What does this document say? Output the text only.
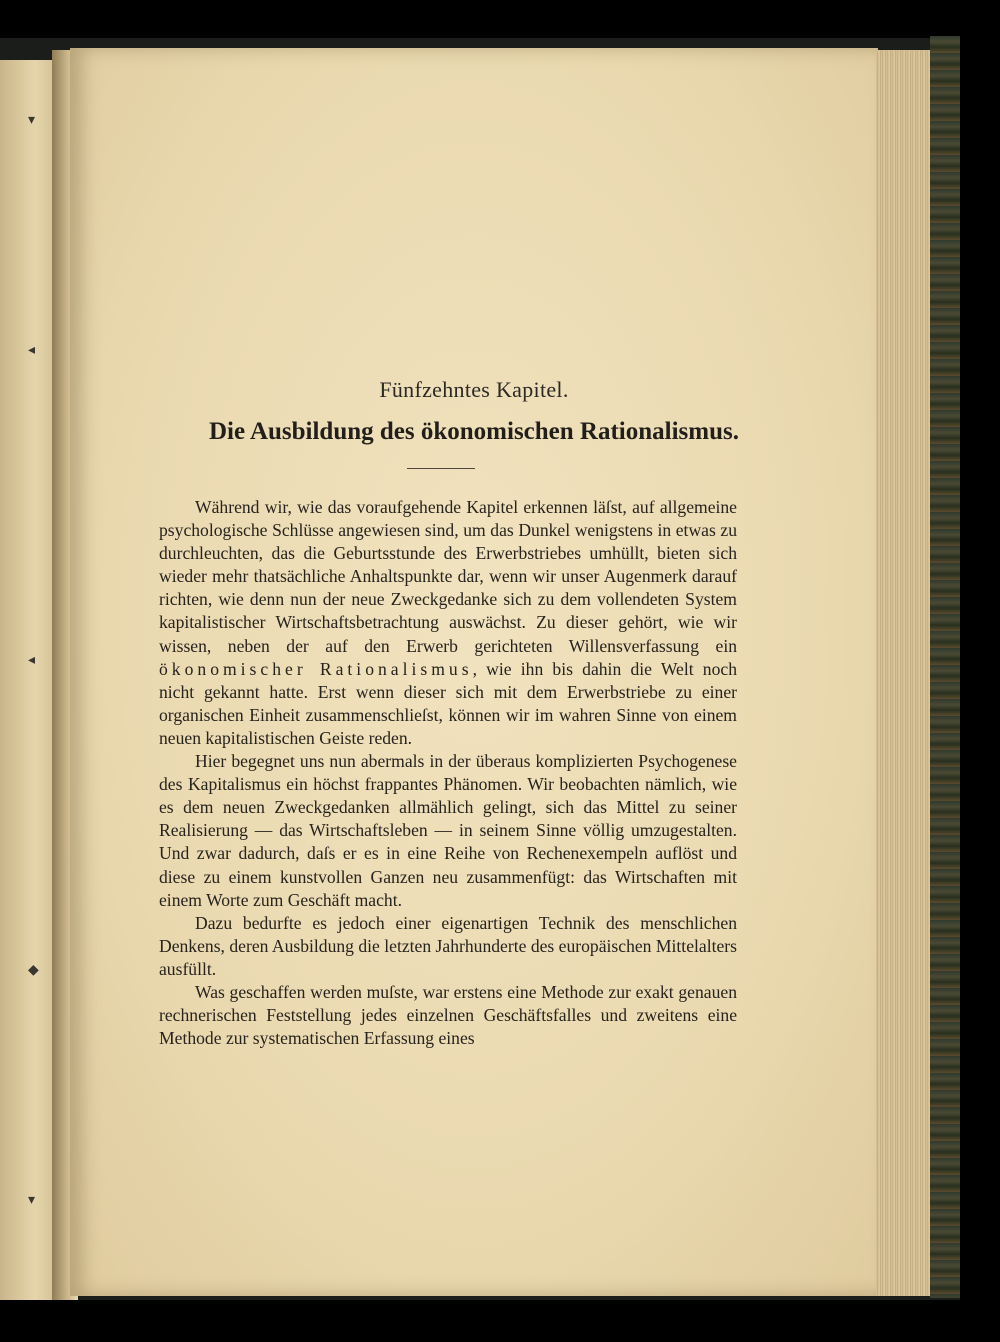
▾
◂
◂
◆
▾
Fünfzehntes Kapitel.
Die Ausbildung des ökonomischen Rationalismus.

Während wir, wie das voraufgehende Kapitel erkennen läſst, auf allgemeine psychologische Schlüsse angewiesen sind, um das Dunkel wenigstens in etwas zu durchleuchten, das die Geburtsstunde des Erwerbstriebes umhüllt, bieten sich wieder mehr thatsächliche Anhaltspunkte dar, wenn wir unser Augenmerk darauf richten, wie denn nun der neue Zweckgedanke sich zu dem vollendeten System kapitalistischer Wirtschaftsbetrachtung auswächst. Zu dieser gehört, wie wir wissen, neben der auf den Erwerb gerichteten Willensverfassung ein ökonomischer Rationalismus, wie ihn bis dahin die Welt noch nicht gekannt hatte. Erst wenn dieser sich mit dem Erwerbstriebe zu einer organischen Einheit zusammenschlieſst, können wir im wahren Sinne von einem neuen kapitalistischen Geiste reden.

Hier begegnet uns nun abermals in der überaus komplizierten Psychogenese des Kapitalismus ein höchst frappantes Phänomen. Wir beobachten nämlich, wie es dem neuen Zweckgedanken allmählich gelingt, sich das Mittel zu seiner Realisierung — das Wirtschaftsleben — in seinem Sinne völlig umzugestalten. Und zwar dadurch, daſs er es in eine Reihe von Rechenexempeln auflöst und diese zu einem kunstvollen Ganzen neu zusammenfügt: das Wirtschaften mit einem Worte zum Geschäft macht.

Dazu bedurfte es jedoch einer eigenartigen Technik des menschlichen Denkens, deren Ausbildung die letzten Jahrhunderte des europäischen Mittelalters ausfüllt.

Was geschaffen werden muſste, war erstens eine Methode zur exakt genauen rechnerischen Feststellung jedes einzelnen Geschäftsfalles und zweitens eine Methode zur systematischen Erfassung eines
